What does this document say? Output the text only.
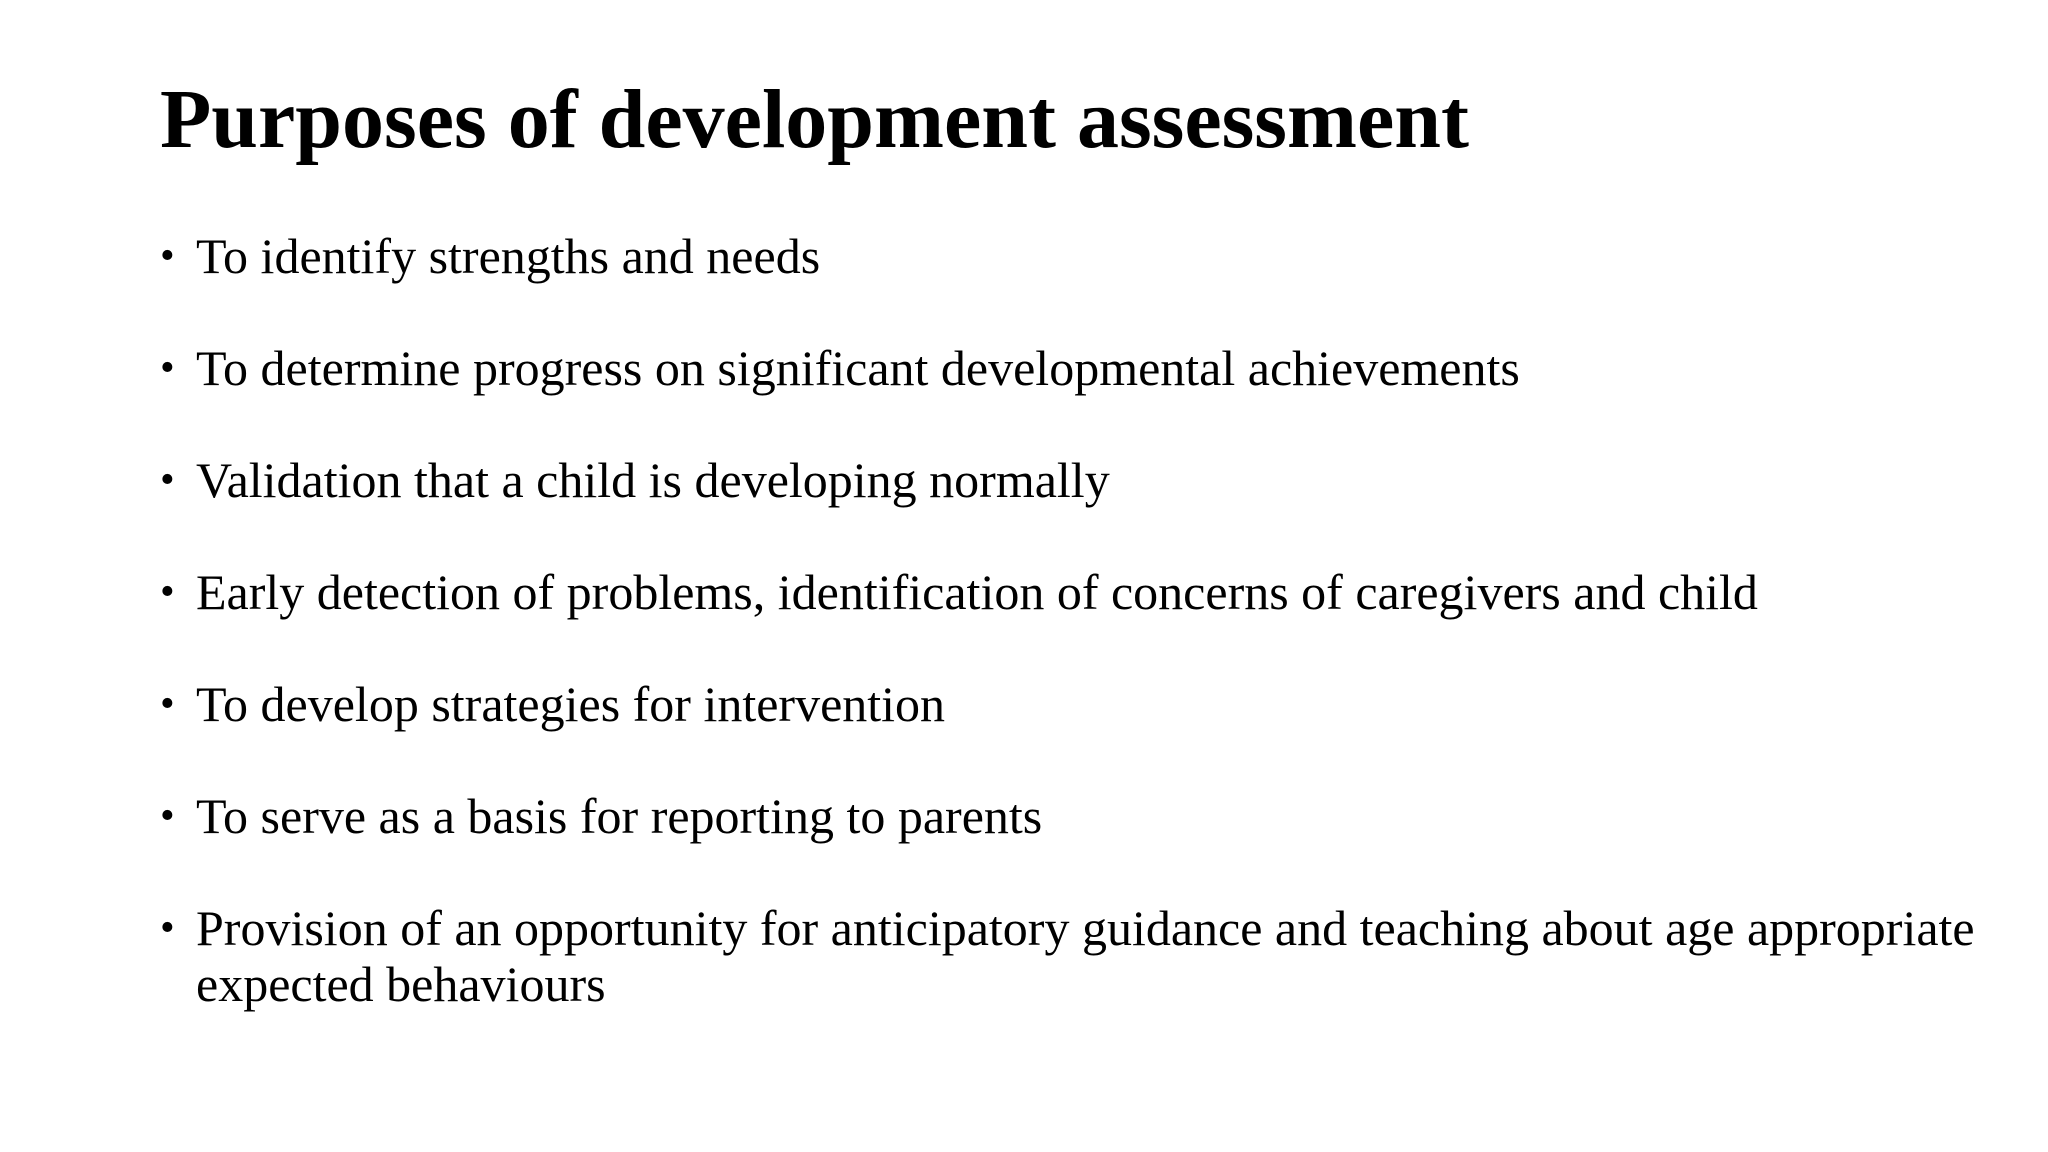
Purposes of development assessment
• To identify strengths and needs
• To determine progress on significant developmental achievements
• Validation that a child is developing normally
• Early detection of problems, identification of concerns of caregivers and child
• To develop strategies for intervention
• To serve as a basis for reporting to parents
• Provision of an opportunity for anticipatory guidance and teaching about age appropriate expected behaviours
